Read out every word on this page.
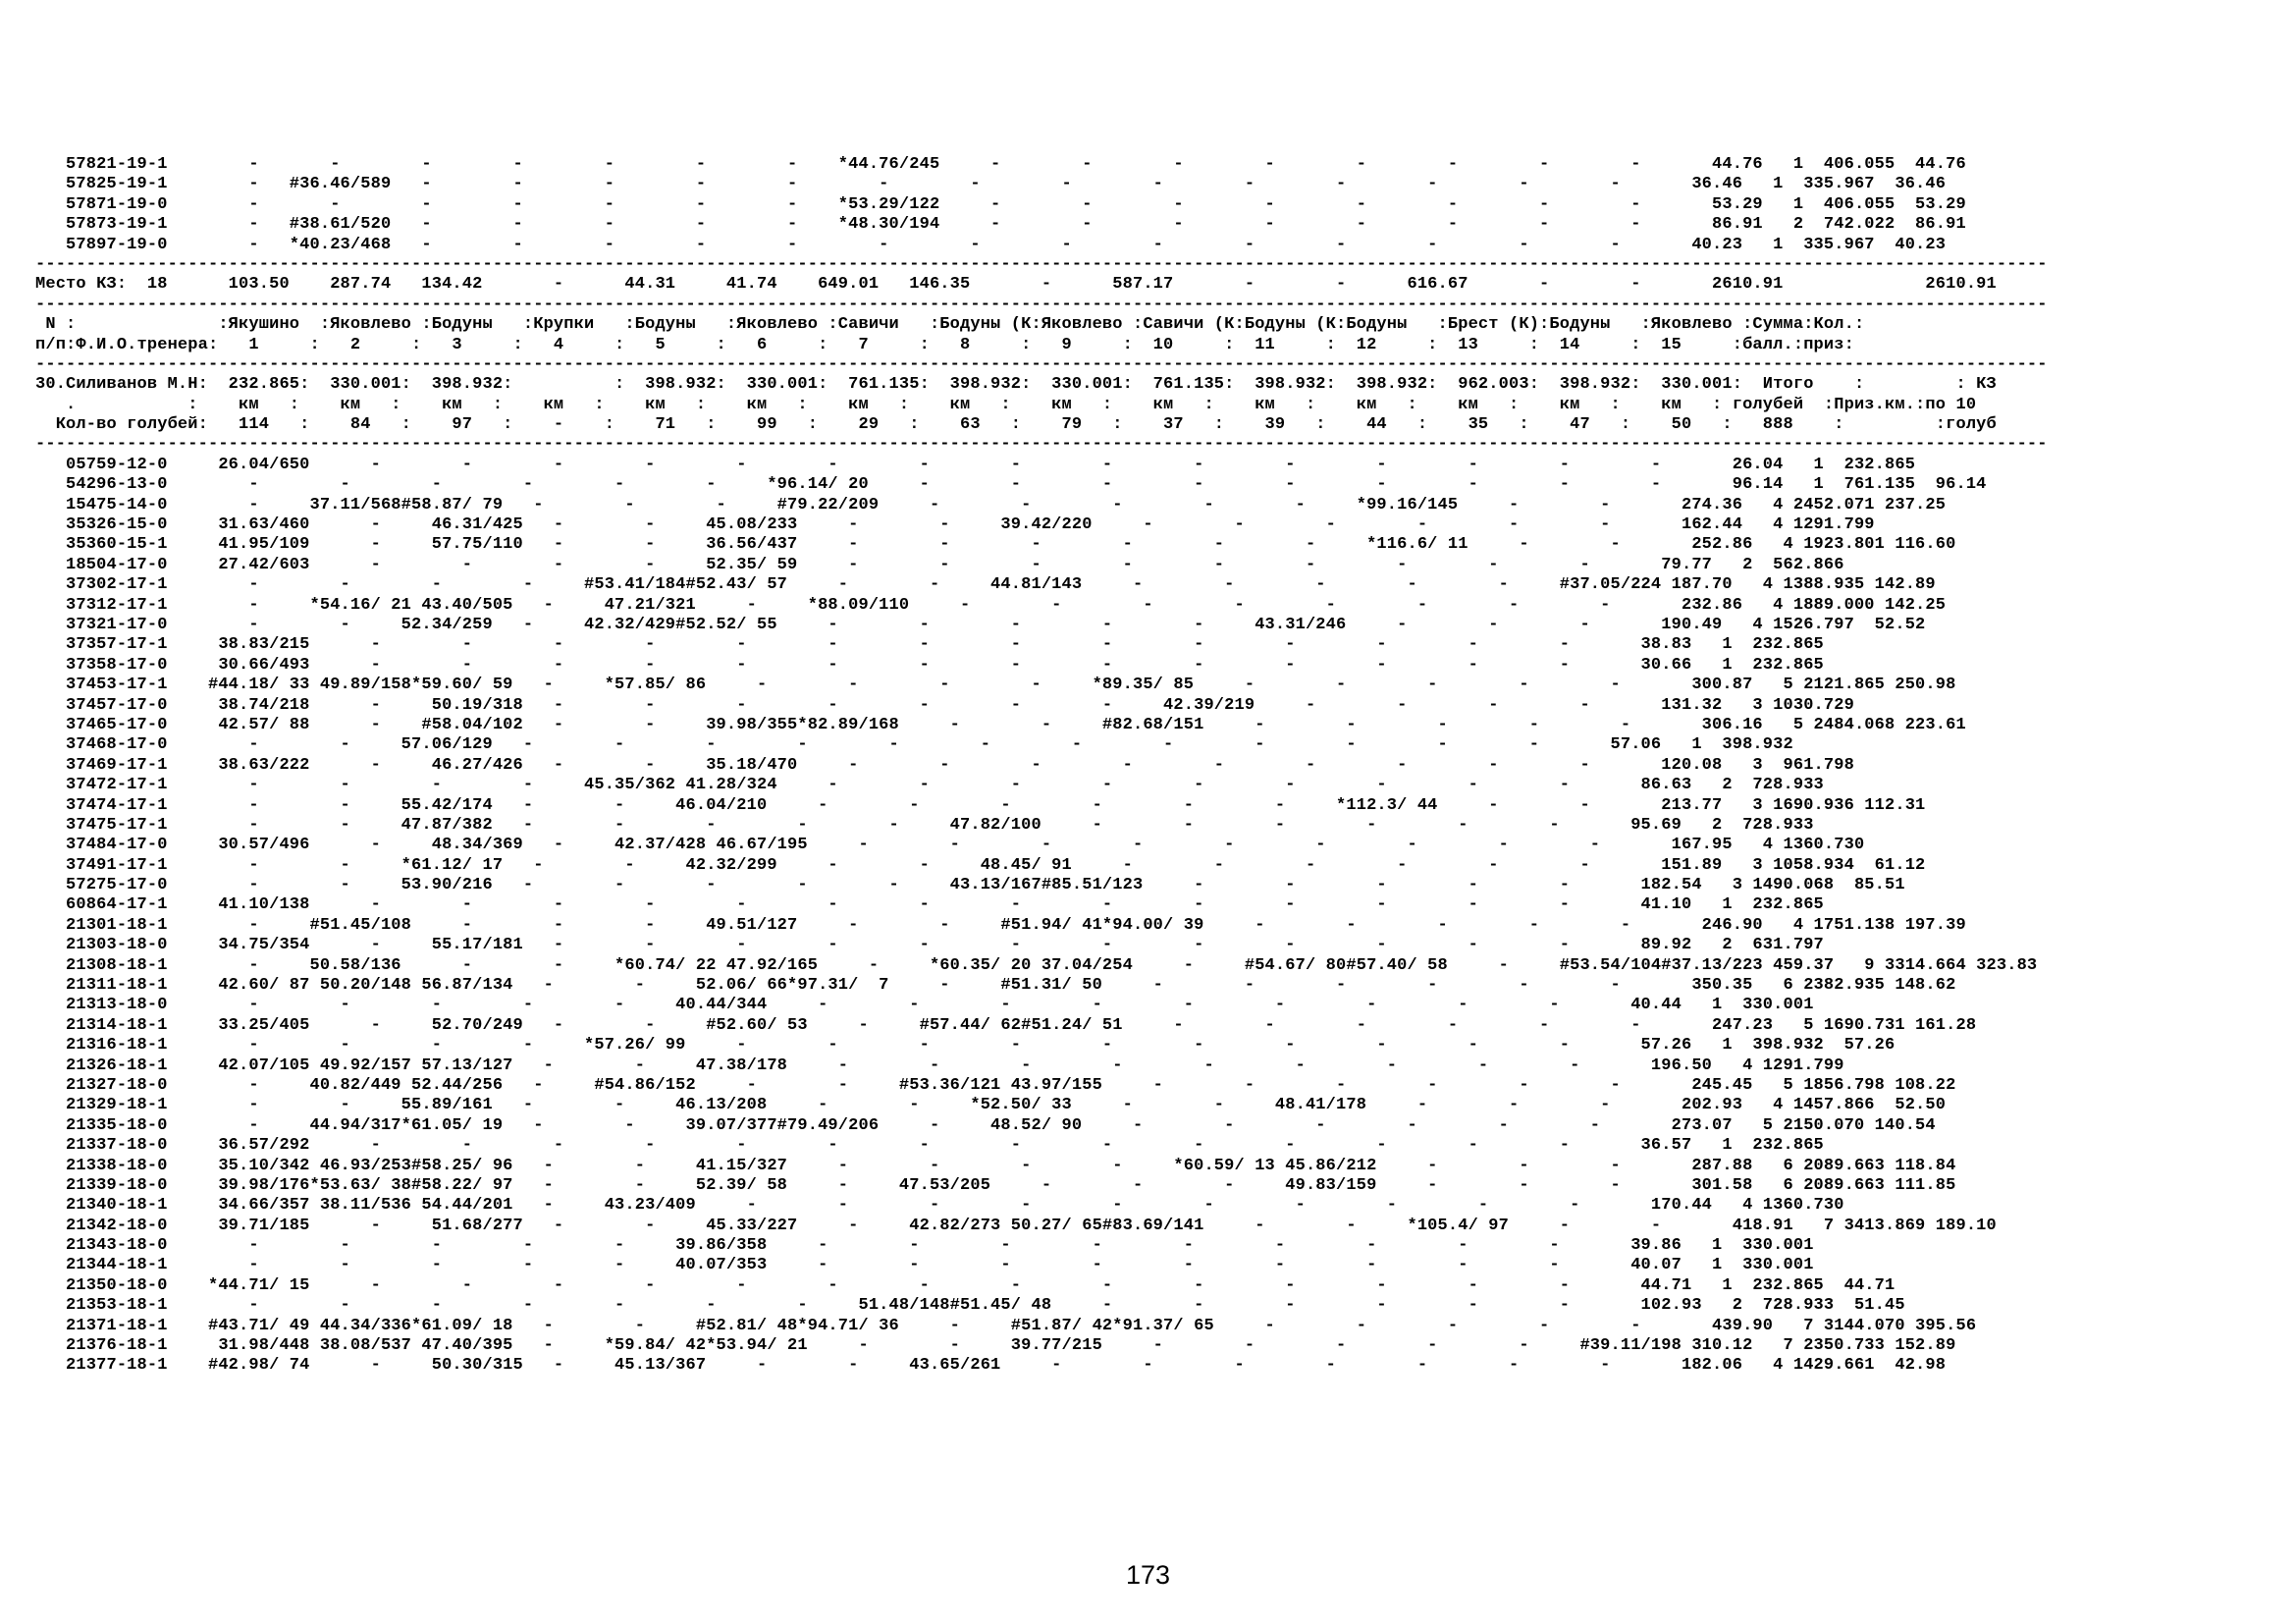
57821-19-1        -       -        -        -        -        -        -    *44.76/245     -        -        -        -        -        -        -        -       44.76   1  406.055  44.76
57825-19-1        -   #36.46/589   -        -        -        -        -        -        -        -        -        -        -        -        -        -       36.46   1  335.967  36.46
57871-19-0        -       -        -        -        -        -        -    *53.29/122     -        -        -        -        -        -        -        -       53.29   1  406.055  53.29
57873-19-1        -   #38.61/520   -        -        -        -        -    *48.30/194     -        -        -        -        -        -        -        -       86.91   2  742.022  86.91
57897-19-0        -   *40.23/468   -        -        -        -        -        -        -        -        -        -        -        -        -        -       40.23   1  335.967  40.23
------------------------------------------------------------------------------------------------------------------------------------------------------------------------------------------------------
Место КЗ:  18      103.50    287.74   134.42       -      44.31     41.74    649.01   146.35       -      587.17       -        -      616.67       -        -       2610.91              2610.91
------------------------------------------------------------------------------------------------------------------------------------------------------------------------------------------------------
N :              :Якушино  :Яковлево :Бодуны   :Крупки   :Бодуны   :Яковлево :Савичи   :Бодуны (К:Яковлево :Савичи (К:Бодуны (К:Бодуны   :Брест (К):Бодуны   :Яковлево :Сумма:Кол.:
п/п:Ф.И.О.тренера:   1     :   2     :   3     :   4     :   5     :   6     :   7     :   8     :   9     :  10     :  11     :  12     :  13     :  14     :  15     :балл.:приз:
------------------------------------------------------------------------------------------------------------------------------------------------------------------------------------------------------
30.Силиванов М.Н:  232.865:  330.001:  398.932:          :  398.932:  330.001:  761.135:  398.932:  330.001:  761.135:  398.932:  398.932:  962.003:  398.932:  330.001:  Итого    :         : КЗ
.           :    км   :    км   :    км   :    км   :    км   :    км   :    км   :    км   :    км   :    км   :    км   :    км   :    км   :    км   :    км   : голубей  :Приз.км.:по 10
Кол-во голубей:   114   :    84   :    97   :    -    :    71   :    99   :    29   :    63   :    79   :    37   :    39   :    44   :    35   :    47   :    50   :   888    :         :голуб
------------------------------------------------------------------------------------------------------------------------------------------------------------------------------------------------------
05759-12-0     26.04/650      -        -        -        -        -        -        -        -        -        -        -        -        -        -        -       26.04   1  232.865
54296-13-0        -        -        -        -        -        -     *96.14/ 20     -        -        -        -        -        -        -        -        -       96.14   1  761.135  96.14
15475-14-0        -     37.11/568#58.87/ 79   -        -        -     #79.22/209     -        -        -        -        -     *99.16/145     -        -       274.36   4 2452.071 237.25
35326-15-0     31.63/460      -     46.31/425   -        -     45.08/233     -        -     39.42/220     -        -        -        -        -        -       162.44   4 1291.799
35360-15-1     41.95/109      -     57.75/110   -        -     36.56/437     -        -        -        -        -        -     *116.6/ 11     -        -       252.86   4 1923.801 116.60
18504-17-0     27.42/603      -        -        -        -     52.35/ 59     -        -        -        -        -        -        -        -        -       79.77   2  562.866
37302-17-1        -        -        -        -     #53.41/184#52.43/ 57     -        -     44.81/143     -        -        -        -        -     #37.05/224 187.70   4 1388.935 142.89
37312-17-1        -     *54.16/ 21 43.40/505   -     47.21/321     -     *88.09/110     -        -        -        -        -        -        -        -       232.86   4 1889.000 142.25
37321-17-0        -        -     52.34/259   -     42.32/429#52.52/ 55     -        -        -        -        -     43.31/246     -        -        -       190.49   4 1526.797  52.52
37357-17-1     38.83/215      -        -        -        -        -        -        -        -        -        -        -        -        -        -       38.83   1  232.865
37358-17-0     30.66/493      -        -        -        -        -        -        -        -        -        -        -        -        -        -       30.66   1  232.865
37453-17-1    #44.18/ 33 49.89/158*59.60/ 59   -     *57.85/ 86     -        -        -        -     *89.35/ 85     -        -        -        -        -       300.87   5 2121.865 250.98
37457-17-0     38.74/218      -     50.19/318   -        -        -        -        -        -        -     42.39/219     -        -        -        -       131.32   3 1030.729
37465-17-0     42.57/ 88      -    #58.04/102   -        -     39.98/355*82.89/168     -        -     #82.68/151     -        -        -        -        -       306.16   5 2484.068 223.61
37468-17-0        -        -     57.06/129   -        -        -        -        -        -        -        -        -        -        -        -       57.06   1  398.932
37469-17-1     38.63/222      -     46.27/426   -        -     35.18/470     -        -        -        -        -        -        -        -        -       120.08   3  961.798
37472-17-1        -        -        -        -     45.35/362 41.28/324     -        -        -        -        -        -        -        -        -       86.63   2  728.933
37474-17-1        -        -     55.42/174   -        -     46.04/210     -        -        -        -        -        -     *112.3/ 44     -        -       213.77   3 1690.936 112.31
37475-17-1        -        -     47.87/382   -        -        -        -        -     47.82/100     -        -        -        -        -        -       95.69   2  728.933
37484-17-0     30.57/496      -     48.34/369   -     42.37/428 46.67/195     -        -        -        -        -        -        -        -        -       167.95   4 1360.730
37491-17-1        -        -     *61.12/ 17   -        -     42.32/299     -        -     48.45/ 91     -        -        -        -        -        -       151.89   3 1058.934  61.12
57275-17-0        -        -     53.90/216   -        -        -        -        -     43.13/167#85.51/123     -        -        -        -        -       182.54   3 1490.068  85.51
60864-17-1     41.10/138      -        -        -        -        -        -        -        -        -        -        -        -        -        -       41.10   1  232.865
21301-18-1        -     #51.45/108     -        -        -     49.51/127     -        -     #51.94/ 41*94.00/ 39     -        -        -        -        -       246.90   4 1751.138 197.39
21303-18-0     34.75/354      -     55.17/181   -        -        -        -        -        -        -        -        -        -        -        -       89.92   2  631.797
21308-18-1        -     50.58/136      -        -     *60.74/ 22 47.92/165     -     *60.35/ 20 37.04/254     -     #54.67/ 80#57.40/ 58     -     #53.54/104#37.13/223 459.37   9 3314.664 323.83
21311-18-1     42.60/ 87 50.20/148 56.87/134   -        -     52.06/ 66*97.31/  7     -     #51.31/ 50     -        -        -        -        -        -       350.35   6 2382.935 148.62
21313-18-0        -        -        -        -        -     40.44/344     -        -        -        -        -        -        -        -        -       40.44   1  330.001
21314-18-1     33.25/405      -     52.70/249   -        -     #52.60/ 53     -     #57.44/ 62#51.24/ 51     -        -        -        -        -        -       247.23   5 1690.731 161.28
21316-18-1        -        -        -        -     *57.26/ 99     -        -        -        -        -        -        -        -        -        -       57.26   1  398.932  57.26
21326-18-1     42.07/105 49.92/157 57.13/127   -        -     47.38/178     -        -        -        -        -        -        -        -        -       196.50   4 1291.799
21327-18-0        -     40.82/449 52.44/256   -     #54.86/152     -        -     #53.36/121 43.97/155     -        -        -        -        -        -       245.45   5 1856.798 108.22
21329-18-1        -        -     55.89/161   -        -     46.13/208     -        -     *52.50/ 33     -        -     48.41/178     -        -        -       202.93   4 1457.866  52.50
21335-18-0        -     44.94/317*61.05/ 19   -        -     39.07/377#79.49/206     -     48.52/ 90     -        -        -        -        -        -       273.07   5 2150.070 140.54
21337-18-0     36.57/292      -        -        -        -        -        -        -        -        -        -        -        -        -        -       36.57   1  232.865
21338-18-0     35.10/342 46.93/253#58.25/ 96   -        -     41.15/327     -        -        -        -     *60.59/ 13 45.86/212     -        -        -       287.88   6 2089.663 118.84
21339-18-0     39.98/176*53.63/ 38#58.22/ 97   -        -     52.39/ 58     -     47.53/205     -        -        -     49.83/159     -        -        -       301.58   6 2089.663 111.85
21340-18-1     34.66/357 38.11/536 54.44/201   -     43.23/409     -        -        -        -        -        -        -        -        -        -       170.44   4 1360.730
21342-18-0     39.71/185      -     51.68/277   -        -     45.33/227     -     42.82/273 50.27/ 65#83.69/141     -        -     *105.4/ 97     -        -       418.91   7 3413.869 189.10
21343-18-0        -        -        -        -        -     39.86/358     -        -        -        -        -        -        -        -        -       39.86   1  330.001
21344-18-1        -        -        -        -        -     40.07/353     -        -        -        -        -        -        -        -        -       40.07   1  330.001
21350-18-0    *44.71/ 15      -        -        -        -        -        -        -        -        -        -        -        -        -        -       44.71   1  232.865  44.71
21353-18-1        -        -        -        -        -        -        -     51.48/148#51.45/ 48     -        -        -        -        -        -       102.93   2  728.933  51.45
21371-18-1    #43.71/ 49 44.34/336*61.09/ 18   -        -     #52.81/ 48*94.71/ 36     -     #51.87/ 42*91.37/ 65     -        -        -        -        -       439.90   7 3144.070 395.56
21376-18-1     31.98/448 38.08/537 47.40/395   -     *59.84/ 42*53.94/ 21     -        -     39.77/215     -        -        -        -        -     #39.11/198 310.12   7 2350.733 152.89
21377-18-1    #42.98/ 74      -     50.30/315   -     45.13/367     -        -     43.65/261     -        -        -        -        -        -        -       182.06   4 1429.661  42.98
173
